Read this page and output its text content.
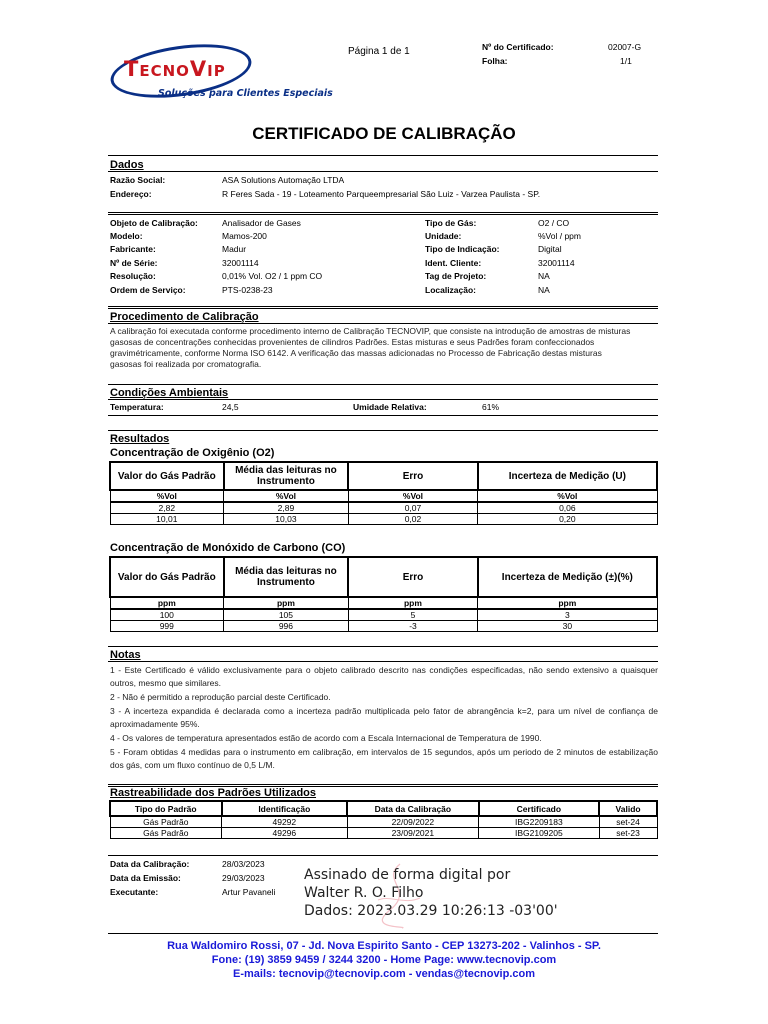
TecnoVip
Soluções para Clientes Especiais
Página 1 de 1	Nº do Certificado:	02007-G
Folha:	1/1
CERTIFICADO DE CALIBRAÇÃO
Dados
Razão Social:	ASA Solutions Automação LTDA
Endereço:	R Feres Sada - 19 - Loteamento Parqueempresarial São Luiz - Varzea Paulista - SP.
Objeto de Calibração:	Analisador de Gases
Modelo:	Mamos-200
Fabricante:	Madur
Nº de Série:	32001114
Resolução:	0,01% Vol. O2 / 1 ppm CO
Ordem de Serviço:	PTS-0238-23
Tipo de Gás:	O2 / CO
Unidade:	%Vol / ppm
Tipo de Indicação:	Digital
Ident. Cliente:	32001114
Tag de Projeto:	NA
Localização:	NA
Procedimento de Calibração
A calibração foi executada conforme procedimento interno de Calibração TECNOVIP, que consiste na introdução de amostras de misturas
gasosas de concentrações conhecidas provenientes de cilindros Padrões. Estas misturas e seus Padrões foram confeccionados
gravimétricamente, conforme Norma ISO 6142. A verificação das massas adicionadas no Processo de Fabricação destas misturas
gasosas foi realizada por cromatografia.
Condições Ambientais
Temperatura:	24,5	Umidade Relativa:	61%
Resultados
Concentração de Oxigênio (O2)
Valor do Gás Padrão	Média das leituras no Instrumento	Erro	Incerteza de Medição (U)
%Vol	%Vol	%Vol	%Vol
2,82	2,89	0,07	0,06
10,01	10,03	0,02	0,20
Concentração de Monóxido de Carbono (CO)
Valor do Gás Padrão	Média das leituras no Instrumento	Erro	Incerteza de Medição (±)(%)
ppm	ppm	ppm	ppm
100	105	5	3
999	996	-3	30
Notas

1 - Este Certificado é válido exclusivamente para o objeto calibrado descrito nas condições especificadas, não sendo extensivo a quaisquer outros, mesmo que similares.

2 - Não é permitido a reprodução parcial deste Certificado.

3 - A incerteza expandida é declarada como a incerteza padrão multiplicada pelo fator de abrangência k=2, para um nível de confiança de aproximadamente 95%.

4 - Os valores de temperatura apresentados estão de acordo com a Escala Internacional de Temperatura de 1990.

5 - Foram obtidas 4 medidas para o instrumento em calibração, em intervalos de 15 segundos, após um periodo de 2 minutos de estabilização dos gás, com um fluxo contínuo de 0,5 L/M.

Rastreabilidade dos Padrões Utilizados
Tipo do Padrão	Identificação	Data da Calibração	Certificado	Valido
Gás Padrão	49292	22/09/2022	IBG2209183	set-24
Gás Padrão	49296	23/09/2021	IBG2109205	set-23
Data da Calibração:	28/03/2023
Data da Emissão:	29/03/2023
Executante:	Artur Pavaneli
Assinado de forma digital por
Walter R. O. Filho
Dados: 2023.03.29 10:26:13 -03'00'
Rua Waldomiro Rossi, 07 - Jd. Nova Espirito Santo - CEP 13273-202 - Valinhos - SP.
Fone: (19) 3859 9459 / 3244 3200 - Home Page: www.tecnovip.com
E-mails: tecnovip@tecnovip.com - vendas@tecnovip.com
